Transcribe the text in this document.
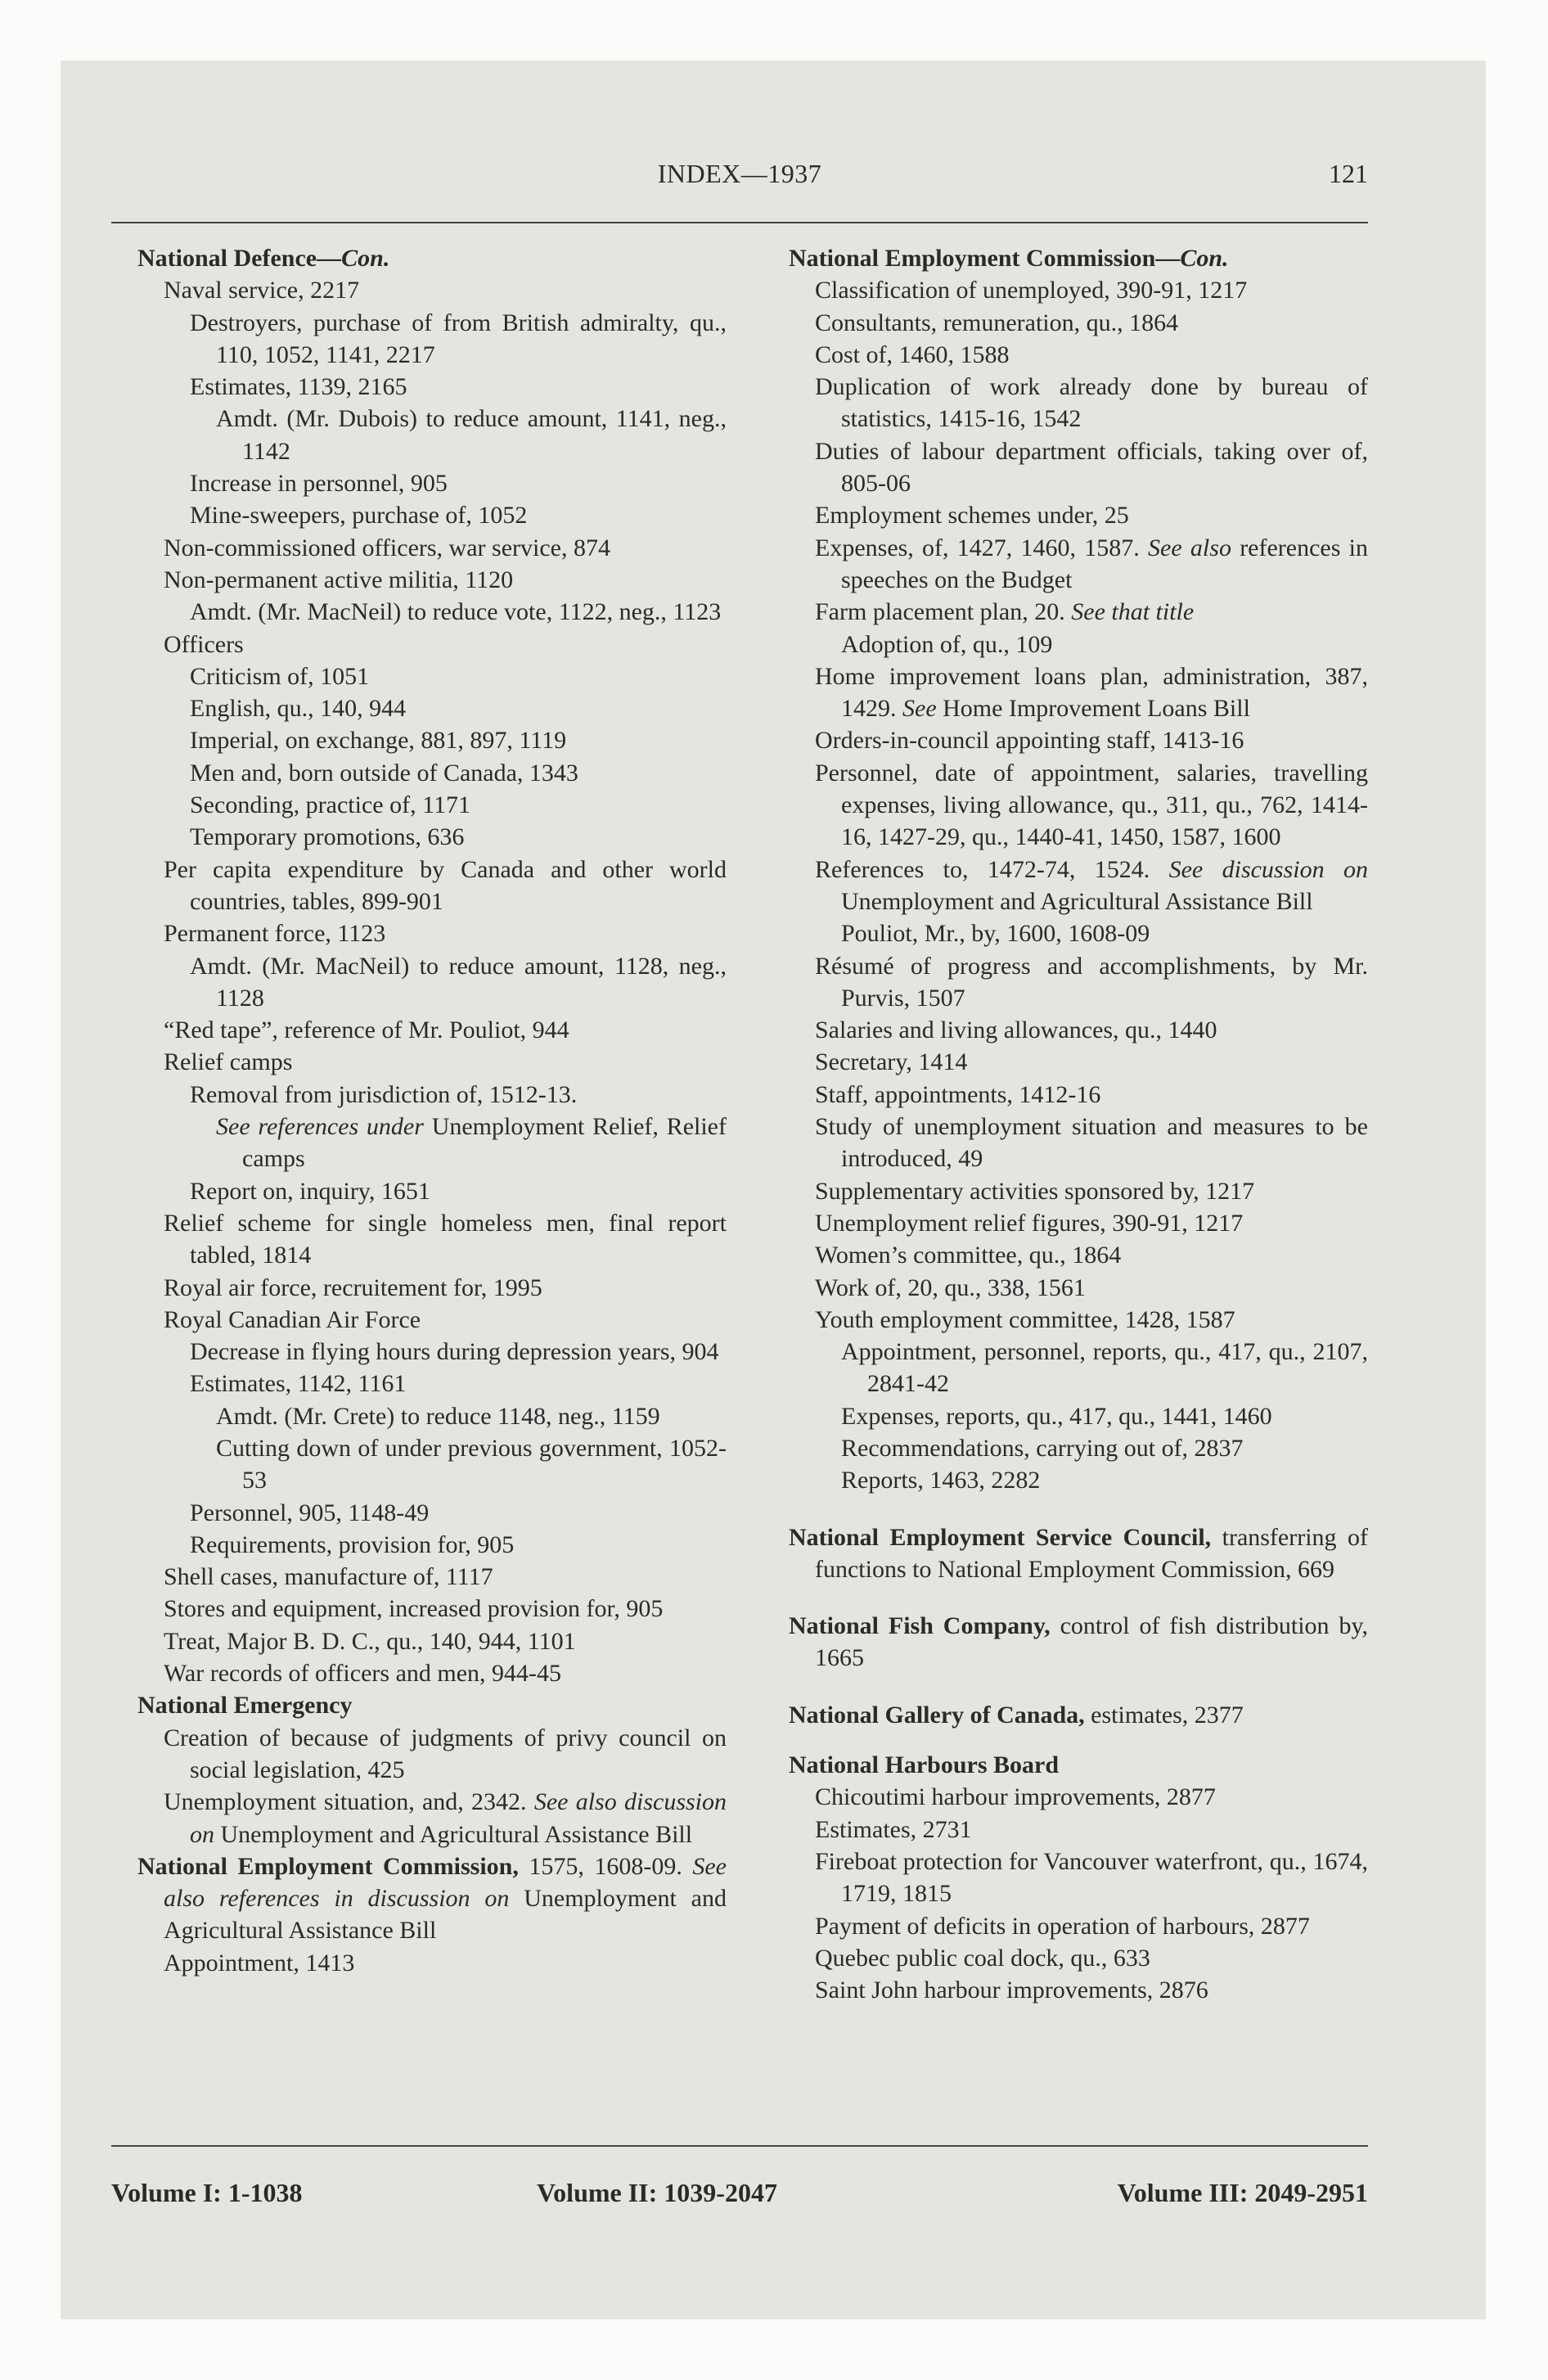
INDEX—1937	121
National Defence—Con.
Naval service, 2217
Destroyers, purchase of from British admiralty, qu., 110, 1052, 1141, 2217
Estimates, 1139, 2165
Amdt. (Mr. Dubois) to reduce amount, 1141, neg., 1142
Increase in personnel, 905
Mine-sweepers, purchase of, 1052
Non-commissioned officers, war service, 874
Non-permanent active militia, 1120
Amdt. (Mr. MacNeil) to reduce vote, 1122, neg., 1123
Officers
Criticism of, 1051
English, qu., 140, 944
Imperial, on exchange, 881, 897, 1119
Men and, born outside of Canada, 1343
Seconding, practice of, 1171
Temporary promotions, 636
Per capita expenditure by Canada and other world countries, tables, 899-901
Permanent force, 1123
Amdt. (Mr. MacNeil) to reduce amount, 1128, neg., 1128
“Red tape”, reference of Mr. Pouliot, 944
Relief camps
Removal from jurisdiction of, 1512-13.
See references under Unemployment Relief, Relief camps
Report on, inquiry, 1651
Relief scheme for single homeless men, final report tabled, 1814
Royal air force, recruitement for, 1995
Royal Canadian Air Force
Decrease in flying hours during depression years, 904
Estimates, 1142, 1161
Amdt. (Mr. Crete) to reduce 1148, neg., 1159
Cutting down of under previous government, 1052-53
Personnel, 905, 1148-49
Requirements, provision for, 905
Shell cases, manufacture of, 1117
Stores and equipment, increased provision for, 905
Treat, Major B. D. C., qu., 140, 944, 1101
War records of officers and men, 944-45
National Emergency
Creation of because of judgments of privy council on social legislation, 425
Unemployment situation, and, 2342. See also discussion on Unemployment and Agricultural Assistance Bill
National Employment Commission, 1575, 1608-09. See also references in discussion on Unemployment and Agricultural Assistance Bill
Appointment, 1413
National Employment Commission—Con.
Classification of unemployed, 390-91, 1217
Consultants, remuneration, qu., 1864
Cost of, 1460, 1588
Duplication of work already done by bureau of statistics, 1415-16, 1542
Duties of labour department officials, taking over of, 805-06
Employment schemes under, 25
Expenses, of, 1427, 1460, 1587. See also references in speeches on the Budget
Farm placement plan, 20. See that title
Adoption of, qu., 109
Home improvement loans plan, administration, 387, 1429. See Home Improvement Loans Bill
Orders-in-council appointing staff, 1413-16
Personnel, date of appointment, salaries, travelling expenses, living allowance, qu., 311, qu., 762, 1414-16, 1427-29, qu., 1440-41, 1450, 1587, 1600
References to, 1472-74, 1524. See discussion on Unemployment and Agricultural Assistance Bill
Pouliot, Mr., by, 1600, 1608-09
Résumé of progress and accomplishments, by Mr. Purvis, 1507
Salaries and living allowances, qu., 1440
Secretary, 1414
Staff, appointments, 1412-16
Study of unemployment situation and measures to be introduced, 49
Supplementary activities sponsored by, 1217
Unemployment relief figures, 390-91, 1217
Women’s committee, qu., 1864
Work of, 20, qu., 338, 1561
Youth employment committee, 1428, 1587
Appointment, personnel, reports, qu., 417, qu., 2107, 2841-42
Expenses, reports, qu., 417, qu., 1441, 1460
Recommendations, carrying out of, 2837
Reports, 1463, 2282
National Employment Service Council, transferring of functions to National Employment Commission, 669
National Fish Company, control of fish distribution by, 1665
National Gallery of Canada, estimates, 2377
National Harbours Board
Chicoutimi harbour improvements, 2877
Estimates, 2731
Fireboat protection for Vancouver waterfront, qu., 1674, 1719, 1815
Payment of deficits in operation of harbours, 2877
Quebec public coal dock, qu., 633
Saint John harbour improvements, 2876
Volume I: 1-1038	Volume II: 1039-2047	Volume III: 2049-2951
